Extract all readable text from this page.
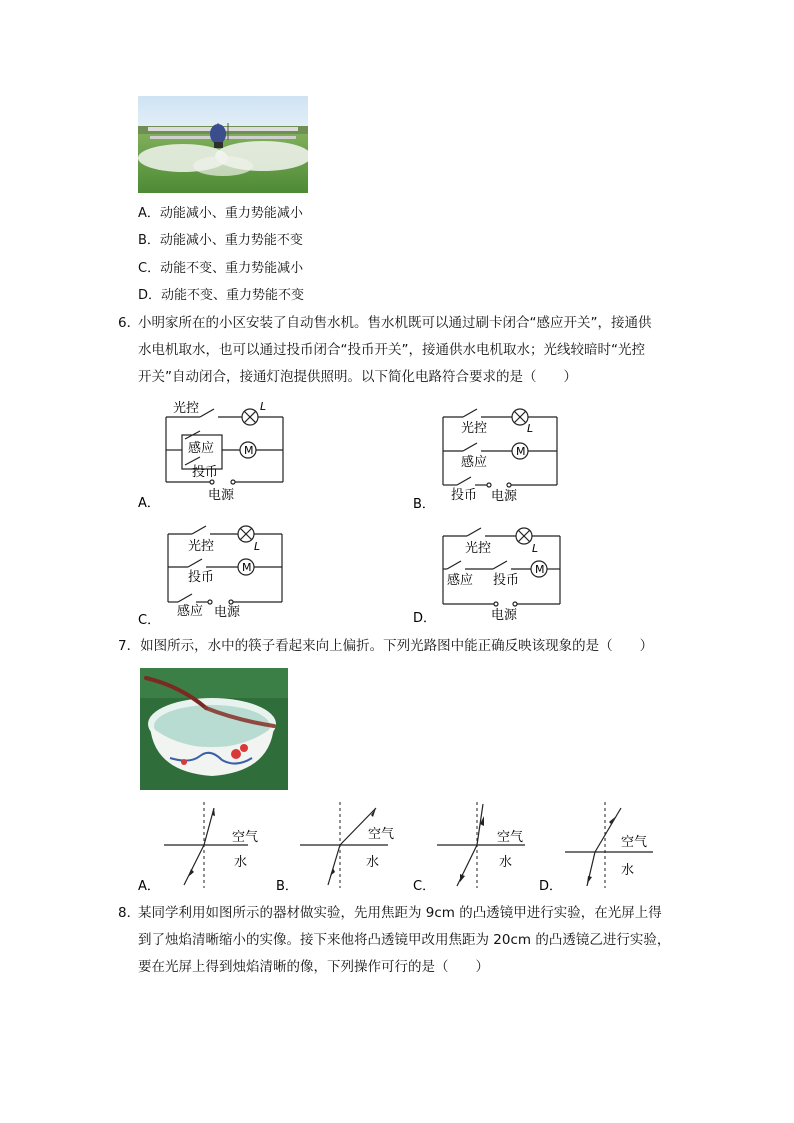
A．动能减小、重力势能减小
B．动能减小、重力势能不变
C．动能不变、重力势能减小
D．动能不变、重力势能不变
6．
小明家所在的小区安装了自动售水机。售水机既可以通过刷卡闭合“感应开关”，接通供
水电机取水，也可以通过投币闭合“投币开关”，接通供水电机取水；光线较暗时“光控
开关”自动闭合，接通灯泡提供照明。以下简化电路符合要求的是（　　）
光控	L
M
感应
投币
电源
A．
光控	L
M
感应
投币 电源
B．
光控	L
M
投币
感应 电源
C．
光控	L
M
感应 投币
电源
D．
7．如图所示，水中的筷子看起来向上偏折。下列光路图中能正确反映该现象的是（　　）
空气
水
A．
空气
水
B．
空气
水
C．
空气
水
D．
8．
某同学利用如图所示的器材做实验，先用焦距为 9cm 的凸透镜甲进行实验，在光屏上得
到了烛焰清晰缩小的实像。接下来他将凸透镜甲改用焦距为 20cm 的凸透镜乙进行实验，
要在光屏上得到烛焰清晰的像，下列操作可行的是（　　）
